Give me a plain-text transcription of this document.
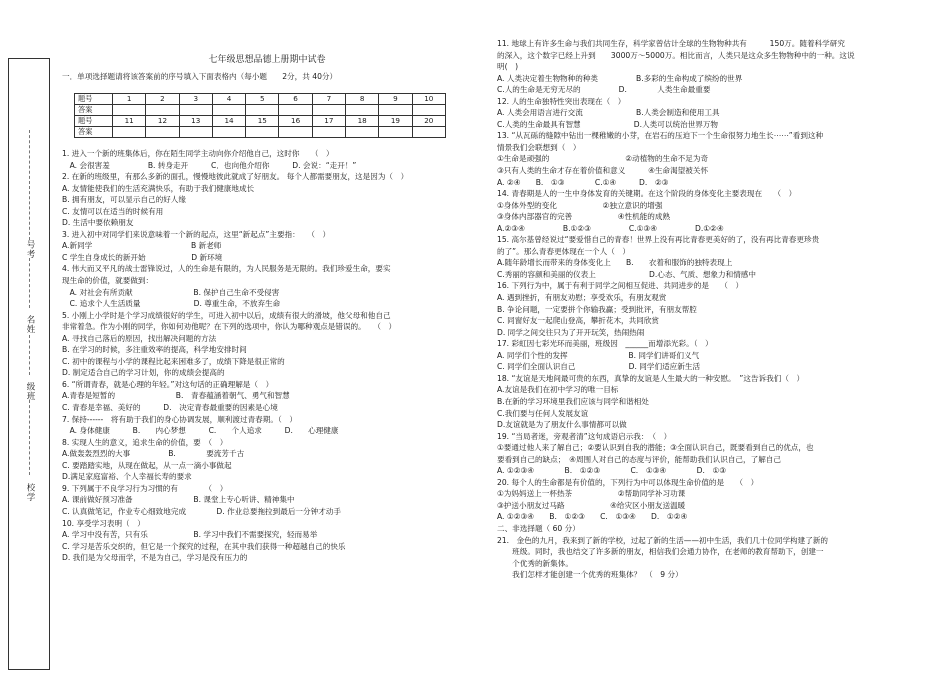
号考
名姓
级班
校学
七年级思想品德上册期中试卷
一．单项选择题请将该答案前的序号填入下面表格内（每小题　　2分，共 40分）
题号	1	2	3	4	5	6	7	8	9	10
答案										
题号	11	12	13	14	15	16	17	18	19	20
答案										
1. 进入一个新的班集体后，你在陌生同学主动向你介绍他自己，这时你　　（　）
　A. 会很害羞　　　　　B. 转身走开　　　C．也向他介绍你　　　D. 会说：“走开！”
2. 在新的班级里，有那么多新的面孔，慢慢地彼此就成了好朋友。 每个人都需要朋友，这是因为（　）
A. 友情能使我们的生活充满快乐，有助于我们健康地成长
B. 拥有朋友，可以显示自己的好人缘
C. 友情可以在适当的时候有用
D. 生活中要依赖朋友
3. 进入初中对同学们来说意味着一个新的起点，这里“新起点”主要指：　　（　）
A.新同学　　　　　　　　　　　　　B 新老师
C 学生自身成长的新开始　　　　　　D 新环境
4. 伟大而又平凡的战士雷锋说过，人的生命是有限的，为人民服务是无限的。我们珍爱生命，要实
现生命的价值，就要做到：
　A. 对社会有所贡献　　　　　　　　B. 保护自己生命不受侵害
　C. 追求个人生活质量　　　　　　　D. 尊重生命，不放弃生命
5. 小刚上小学时是个学习成绩很好的学生，可进入初中以后，成绩有很大的滑坡，他父母和他自己
非常着急。作为小刚的同学，你如何劝他呢？在下列的选项中，你认为哪种观点是错误的。　　（　）
A. 寻找自己落后的原因，找出解决问题的方法
B. 在学习的时候，多注重效率的提高，科学地安排时间
C. 初中的课程与小学的课程比起来困难多了，成绩下降是很正常的
D. 制定适合自己的学习计划，你的成绩会提高的
6. “所谓青春，就是心理的年轻。”对这句话的正确理解是（　）
A.青春是短暂的　　　　　　　　B.　青春蕴涵着朝气、勇气和智慧
C. 青春是幸福、美好的　　　D.　决定青春最重要的因素是心境
7. 保持------　将有助于我们的身心协调发展，顺利渡过青春期。（　）
　A. 身体健康　　　B.　　内心梦想　　　C.　　个人追求　　　D.　　心理健康
8. 实现人生的意义，追求生命的价值，要　（　）
A.做轰轰烈烈的大事　　　　　B.　　　　要流芳千古
C. 要踏踏实地，从现在做起，从一点一滴小事做起
D.满足家庭富裕、个人幸福长寿的要求
9. 下列属于不良学习行为习惯的有　　　　（　）
A. 课前做好预习准备　　　　　　　　B. 课堂上专心听讲、精神集中
C. 认真做笔记，作业专心细致地完成　　　　D. 作业总要拖拉到最后一分钟才动手
10. 享受学习表明（　）
A. 学习中没有苦，只有乐　　　　　　B. 学习中我们不需要探究，轻而易举
C. 学习是苦乐交织的，但它是一个探究的过程，在其中我们获得一种超越自己的快乐
D. 我们是为父母而学，不是为自己，学习是没有压力的
11. 地球上有许多生命与我们共同生存，科学家曾估计全球的生物物种共有　　　150万。随着科学研究
的深入，这个数字已经上升到　　3000万～5000万。相比而言，人类只是这众多生物物种中的一种。这说
明(　)
A. 人类决定着生物物种的种类　　　　　B.多彩的生命构成了缤纷的世界
C.人的生命是无穷无尽的　　　　　D.　　　　人类生命最重要
12. 人的生命独特性突出表现在（　）
A. 人类会用语言进行交流　　　　　　　B.人类会制造和使用工具
C.人类的生命最具有智慧　　　　　　　D.人类可以统治世界万物
13. “从瓦砾的缝隙中钻出一棵稚嫩的小芽，在岩石的压迫下一个生命很努力地生长⋯⋯”看到这种
情景我们会联想到（　）
①生命是顽强的　　　　　　　　　　②动植物的生命不足为奇
③只有人类的生命才存在着价值和意义　　　④生命渴望被关怀
A. ②④　　B.　①③　　　　C.①④　　　D.　②③
14. 青春期是人的一生中身体发育的关键期。在这个阶段的身体变化主要表现在　　（　）
①身体外型的变化　　　　　　②独立意识的增强
③身体内部器官的完善　　　　　　④性机能的成熟
A.②③④　　　　　B.①②③　　　　　C.①③④　　　　　D.①②④
15. 高尔基曾经说过“要爱惜自己的青春！世界上没有再比青春更美好的了，没有再比青春更珍贵
的了”。那么青春更体现在一个人（　）
A.随年龄增长而带来的身体变化上　　B.　　衣着和服饰的独特表现上
C.秀丽的容颜和美丽的仪表上　　　　　　　D.心态、气质、想象力和情感中
16. 下列行为中，属于有利于同学之间相互促进、共同进步的是　　（　）
A. 遇到挫折，有朋友劝慰；享受欢乐，有朋友观赏
B. 争论问题，一定要拼个你输我赢；受到批评，有朋友帮腔
C. 同窗好友一起爬山登高，攀折花木，共同欣赏
D. 同学之间交往只为了开开玩笑，热闹热闹
17. 彩虹因七彩光环而美丽，班级因　______而增添光彩。（　）
A. 同学们个性的发挥　　　　　　　　B. 同学们讲哥们义气
C. 同学们全面认识自己　　　　　　　D. 同学们适应新生活
18. “友谊是天地间最可贵的东西，真挚的友谊是人生最大的一种安慰。　”这告诉我们（　）
A.友谊是我们在初中学习的唯一目标
B.在新的学习环境里我们应该与同学和谐相处
C.我们要与任何人发展友谊
D.友谊就是为了朋友什么事情都可以做
19. “当局者迷，旁观者清”这句成语启示我：　（　）
①要通过他人来了解自己；②要认识到自我的潜能；③全面认识自己，既要看到自己的优点，也
要看到自己的缺点；　④周围人对自己的态度与评价，能帮助我们认识自己，了解自己
A. ①②③④　　　　B.　①②③　　　　C.　①③④　　　　D.　①③
20. 每个人的生命都是有价值的，下列行为中可以体现生命价值的是　　（　）
①为妈妈送上一杯热茶　　　　　　②帮助同学补习功课
③护送小朋友过马路　　　　　　④给灾区小朋友送温暖
A. ①②③④　　B.　①②③　　C.　①③④　　D.　①②④
二、非选择题（ 60 分）
21.　金色的九月，我来到了新的学校，过起了新的生活——初中生活，我们几十位同学构建了新的
　　班级。同时，我也结交了许多新的朋友，相信我们会通力协作，在老师的教育帮助下，创建一
　　个优秀的新集体。
　　我们怎样才能创建一个优秀的班集体？　（　9 分）
